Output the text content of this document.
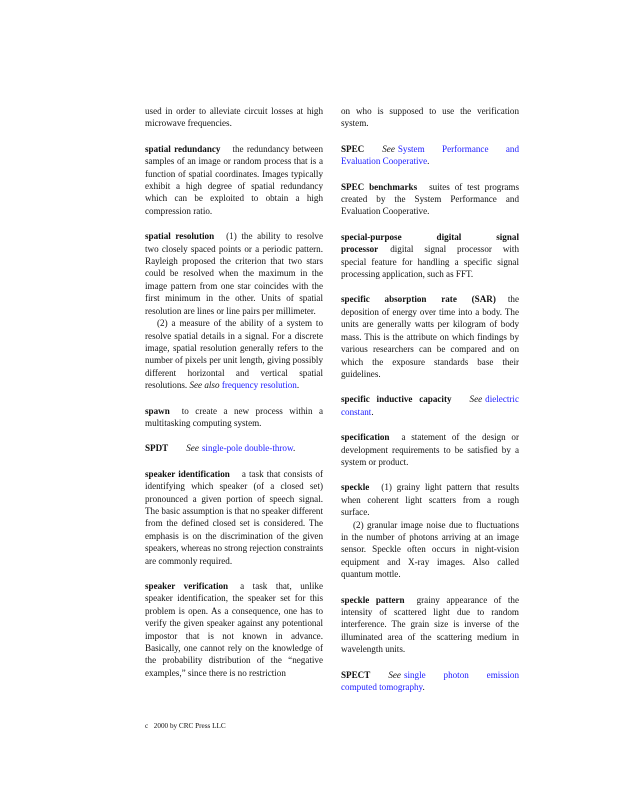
used in order to alleviate circuit losses at high microwave frequencies.

spatial redundancy the redundancy between samples of an image or random process that is a function of spatial coordinates. Images typically exhibit a high degree of spatial redundancy which can be exploited to obtain a high compression ratio.

spatial resolution (1) the ability to resolve two closely spaced points or a periodic pattern. Rayleigh proposed the criterion that two stars could be resolved when the maximum in the image pattern from one star coincides with the first minimum in the other. Units of spatial resolution are lines or line pairs per millimeter.

(2) a measure of the ability of a system to resolve spatial details in a signal. For a discrete image, spatial resolution generally refers to the number of pixels per unit length, giving possibly different horizontal and vertical spatial resolutions. See also frequency resolution.

spawn to create a new process within a multitasking computing system.

SPDT See single-pole double-throw.

speaker identification a task that consists of identifying which speaker (of a closed set) pronounced a given portion of speech signal. The basic assumption is that no speaker different from the defined closed set is considered. The emphasis is on the discrimination of the given speakers, whereas no strong rejection constraints are commonly required.

speaker verification a task that, unlike speaker identification, the speaker set for this problem is open. As a consequence, one has to verify the given speaker against any potentional impostor that is not known in advance. Basically, one cannot rely on the knowledge of the probability distribution of the “negative examples,” since there is no restriction

on who is supposed to use the verification system.

SPEC See System Performance and Evaluation Cooperative.

SPEC benchmarks suites of test programs created by the System Performance and Evaluation Cooperative.

special-purpose digital signal processor digital signal processor with special feature for handling a specific signal processing application, such as FFT.

specific absorption rate (SAR) the deposition of energy over time into a body. The units are generally watts per kilogram of body mass. This is the attribute on which findings by various researchers can be compared and on which the exposure standards base their guidelines.

specific inductive capacity See dielectric constant.

specification a statement of the design or development requirements to be satisfied by a system or product.

speckle (1) grainy light pattern that results when coherent light scatters from a rough surface.

(2) granular image noise due to fluctuations in the number of photons arriving at an image sensor. Speckle often occurs in night-vision equipment and X-ray images. Also called quantum mottle.

speckle pattern grainy appearance of the intensity of scattered light due to random interference. The grain size is inverse of the illuminated area of the scattering medium in wavelength units.

SPECT See single photon emission computed tomography.

c⃝2000 by CRC Press LLC
